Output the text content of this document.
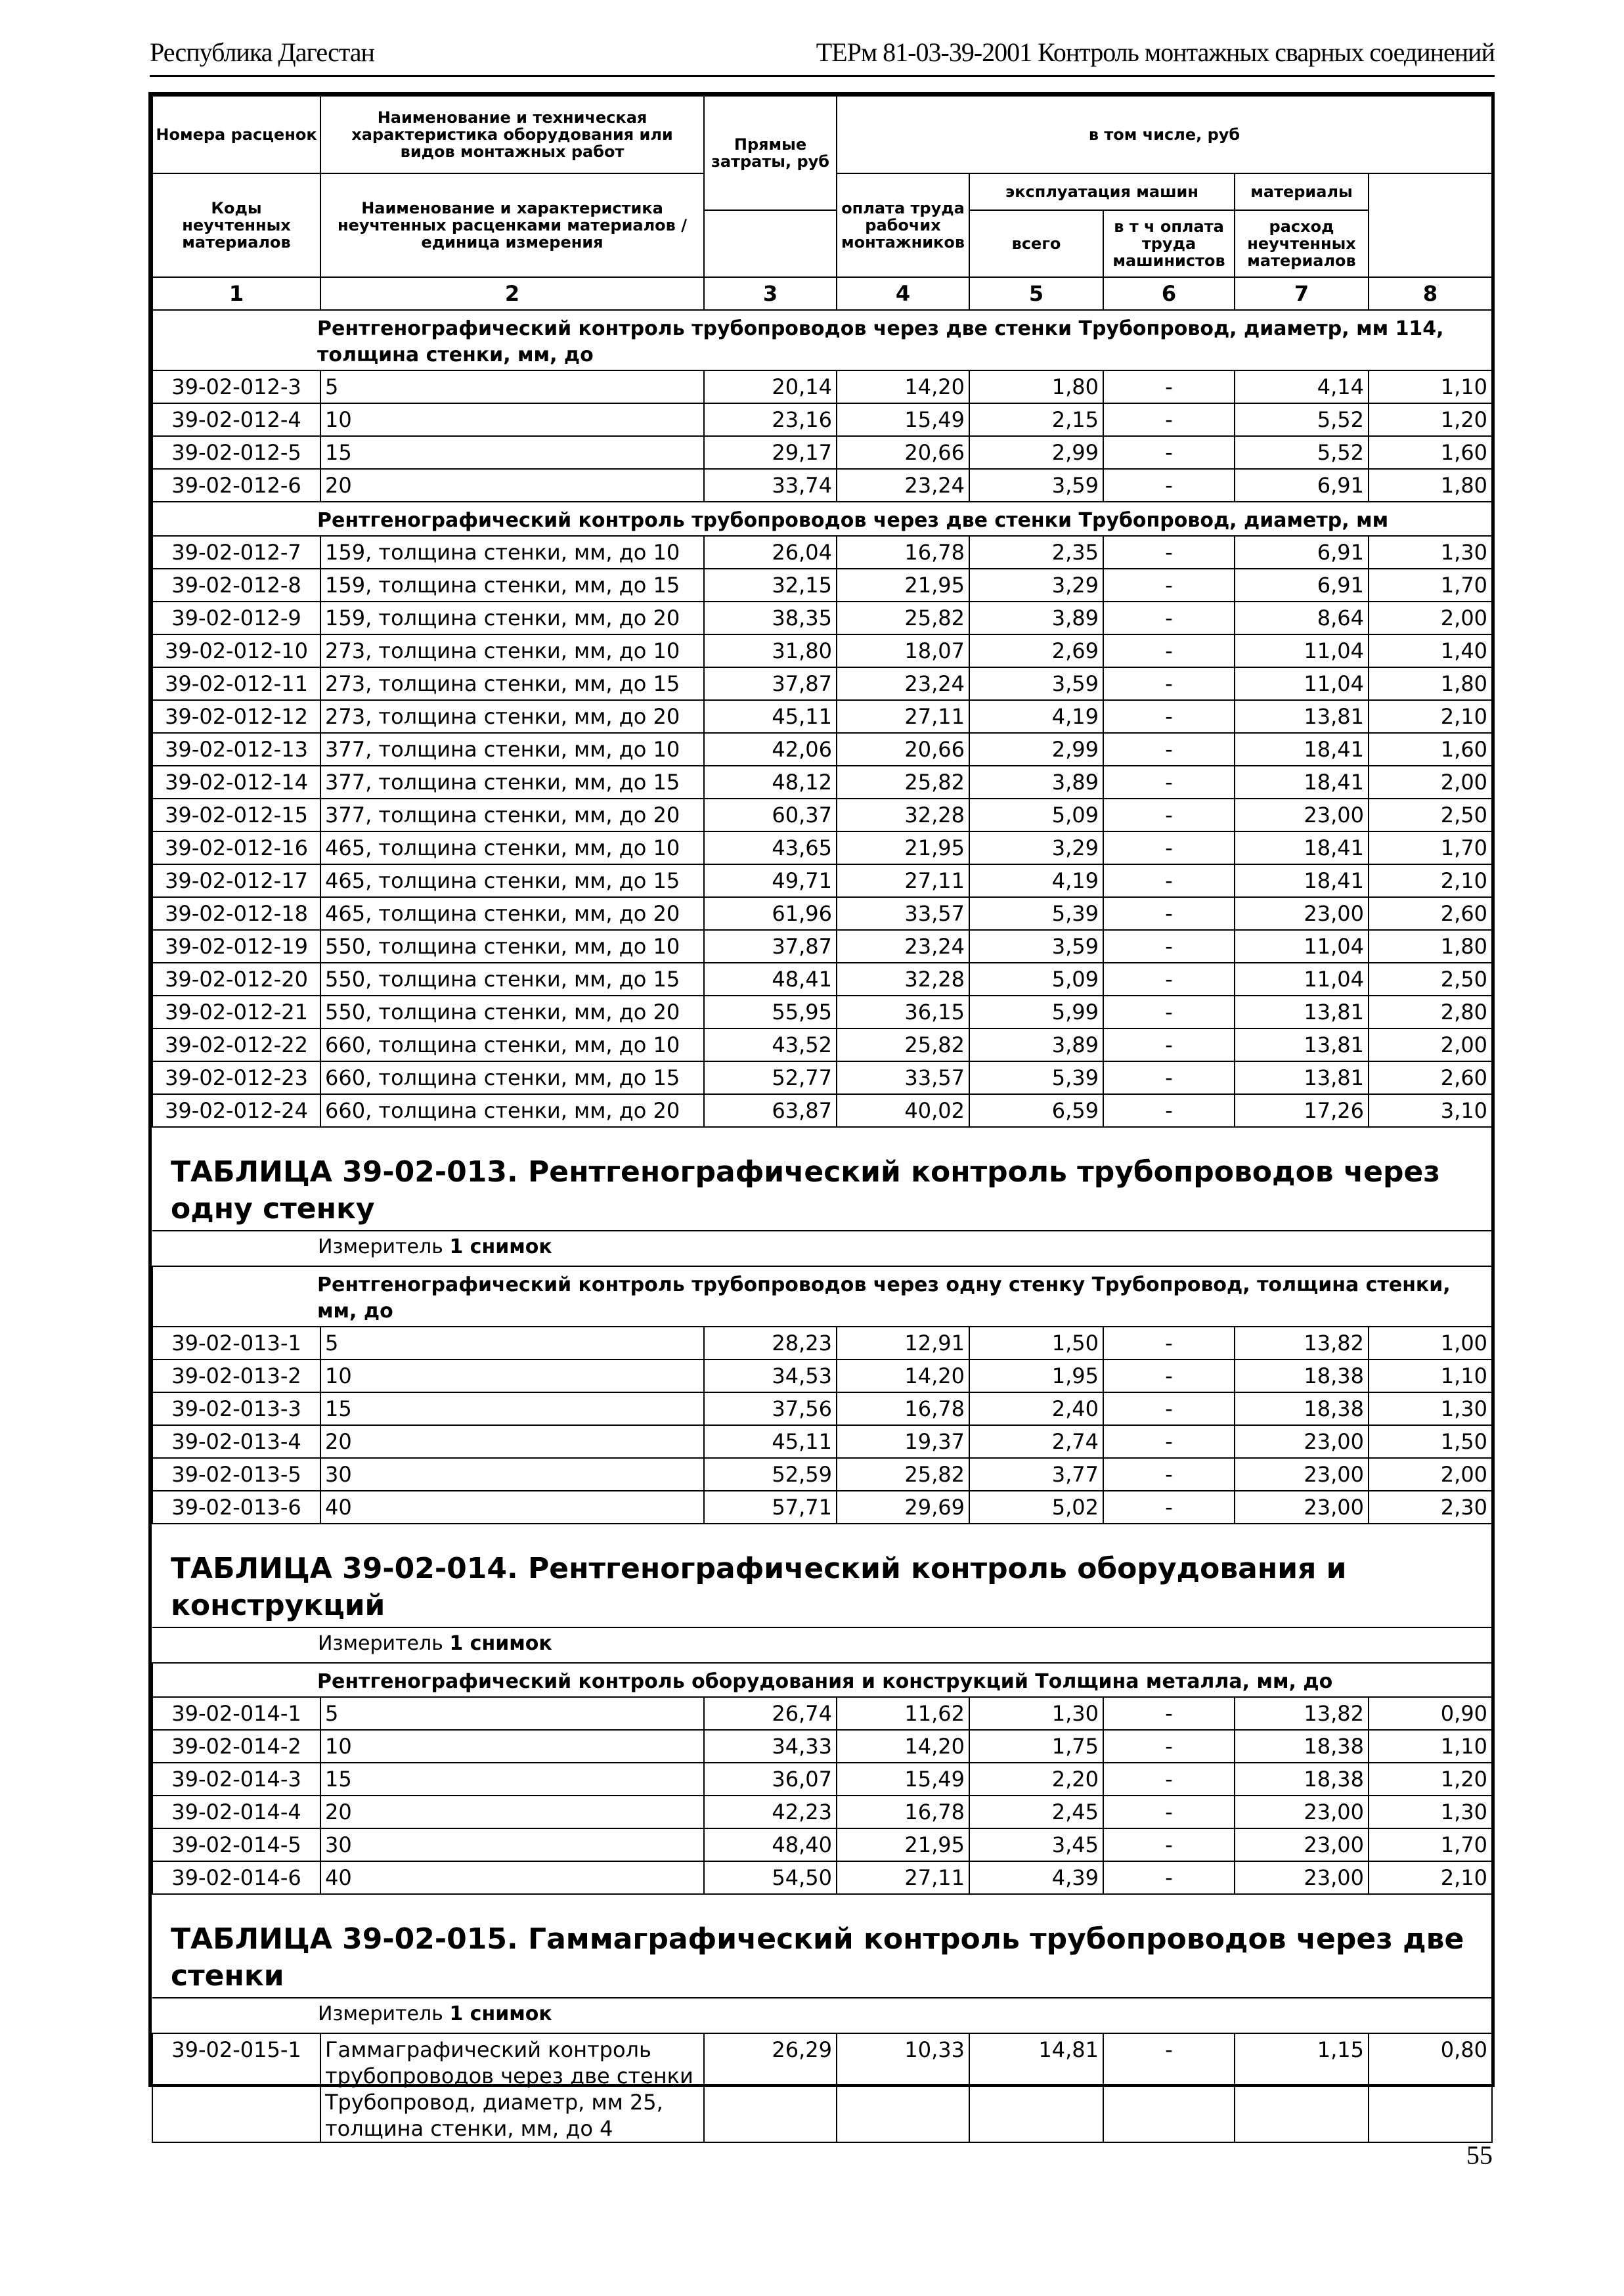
Республика Дагестан	ТЕРм 81-03-39-2001 Контроль монтажных сварных соединений
Номера расценок	Наименование и техническая характеристика оборудования или видов монтажных работ	Прямые затраты, руб	в том числе, руб	
Коды неучтенных материалов	Наименование и характеристика неучтенных расценками материалов / единица измерения		оплата труда рабочих монтажников	эксплуатация машин		материалы		
				всего	в т ч оплата труда машинистов	расход неучтенных материалов		
1	2	3	4	5	6	7	8	
Рентгенографический контроль трубопроводов через две стенки Трубопровод, диаметр, мм 114, толщина стенки, мм, до								
39-02-012-3	5	20,14	14,20	1,80	-	4,14	1,10	
39-02-012-4	10	23,16	15,49	2,15	-	5,52	1,20	
39-02-012-5	15	29,17	20,66	2,99	-	5,52	1,60	
39-02-012-6	20	33,74	23,24	3,59	-	6,91	1,80	
Рентгенографический контроль трубопроводов через две стенки Трубопровод, диаметр, мм								
39-02-012-7	159, толщина стенки, мм, до 10	26,04	16,78	2,35	-	6,91	1,30	
39-02-012-8	159, толщина стенки, мм, до 15	32,15	21,95	3,29	-	6,91	1,70	
39-02-012-9	159, толщина стенки, мм, до 20	38,35	25,82	3,89	-	8,64	2,00	
39-02-012-10	273, толщина стенки, мм, до 10	31,80	18,07	2,69	-	11,04	1,40	
39-02-012-11	273, толщина стенки, мм, до 15	37,87	23,24	3,59	-	11,04	1,80	
39-02-012-12	273, толщина стенки, мм, до 20	45,11	27,11	4,19	-	13,81	2,10	
39-02-012-13	377, толщина стенки, мм, до 10	42,06	20,66	2,99	-	18,41	1,60	
39-02-012-14	377, толщина стенки, мм, до 15	48,12	25,82	3,89	-	18,41	2,00	
39-02-012-15	377, толщина стенки, мм, до 20	60,37	32,28	5,09	-	23,00	2,50	
39-02-012-16	465, толщина стенки, мм, до 10	43,65	21,95	3,29	-	18,41	1,70	
39-02-012-17	465, толщина стенки, мм, до 15	49,71	27,11	4,19	-	18,41	2,10	
39-02-012-18	465, толщина стенки, мм, до 20	61,96	33,57	5,39	-	23,00	2,60	
39-02-012-19	550, толщина стенки, мм, до 10	37,87	23,24	3,59	-	11,04	1,80	
39-02-012-20	550, толщина стенки, мм, до 15	48,41	32,28	5,09	-	11,04	2,50	
39-02-012-21	550, толщина стенки, мм, до 20	55,95	36,15	5,99	-	13,81	2,80	
39-02-012-22	660, толщина стенки, мм, до 10	43,52	25,82	3,89	-	13,81	2,00	
39-02-012-23	660, толщина стенки, мм, до 15	52,77	33,57	5,39	-	13,81	2,60	
39-02-012-24	660, толщина стенки, мм, до 20	63,87	40,02	6,59	-	17,26	3,10	
ТАБЛИЦА 39-02-013. Рентгенографический контроль трубопроводов через одну стенку								
Измеритель 1 снимок								
Рентгенографический контроль трубопроводов через одну стенку Трубопровод, толщина стенки, мм, до								
39-02-013-1	5	28,23	12,91	1,50	-	13,82	1,00	
39-02-013-2	10	34,53	14,20	1,95	-	18,38	1,10	
39-02-013-3	15	37,56	16,78	2,40	-	18,38	1,30	
39-02-013-4	20	45,11	19,37	2,74	-	23,00	1,50	
39-02-013-5	30	52,59	25,82	3,77	-	23,00	2,00	
39-02-013-6	40	57,71	29,69	5,02	-	23,00	2,30	
ТАБЛИЦА 39-02-014. Рентгенографический контроль оборудования и конструкций								
Измеритель 1 снимок								
Рентгенографический контроль оборудования и конструкций Толщина металла, мм, до								
39-02-014-1	5	26,74	11,62	1,30	-	13,82	0,90	
39-02-014-2	10	34,33	14,20	1,75	-	18,38	1,10	
39-02-014-3	15	36,07	15,49	2,20	-	18,38	1,20	
39-02-014-4	20	42,23	16,78	2,45	-	23,00	1,30	
39-02-014-5	30	48,40	21,95	3,45	-	23,00	1,70	
39-02-014-6	40	54,50	27,11	4,39	-	23,00	2,10	
ТАБЛИЦА 39-02-015. Гаммаграфический контроль трубопроводов через две стенки								
Измеритель 1 снимок								
39-02-015-1	Гаммаграфический контроль трубопроводов через две стенки Трубопровод, диаметр, мм 25, толщина стенки, мм, до 4	26,29	10,33	14,81	-	1,15	0,80	
55
